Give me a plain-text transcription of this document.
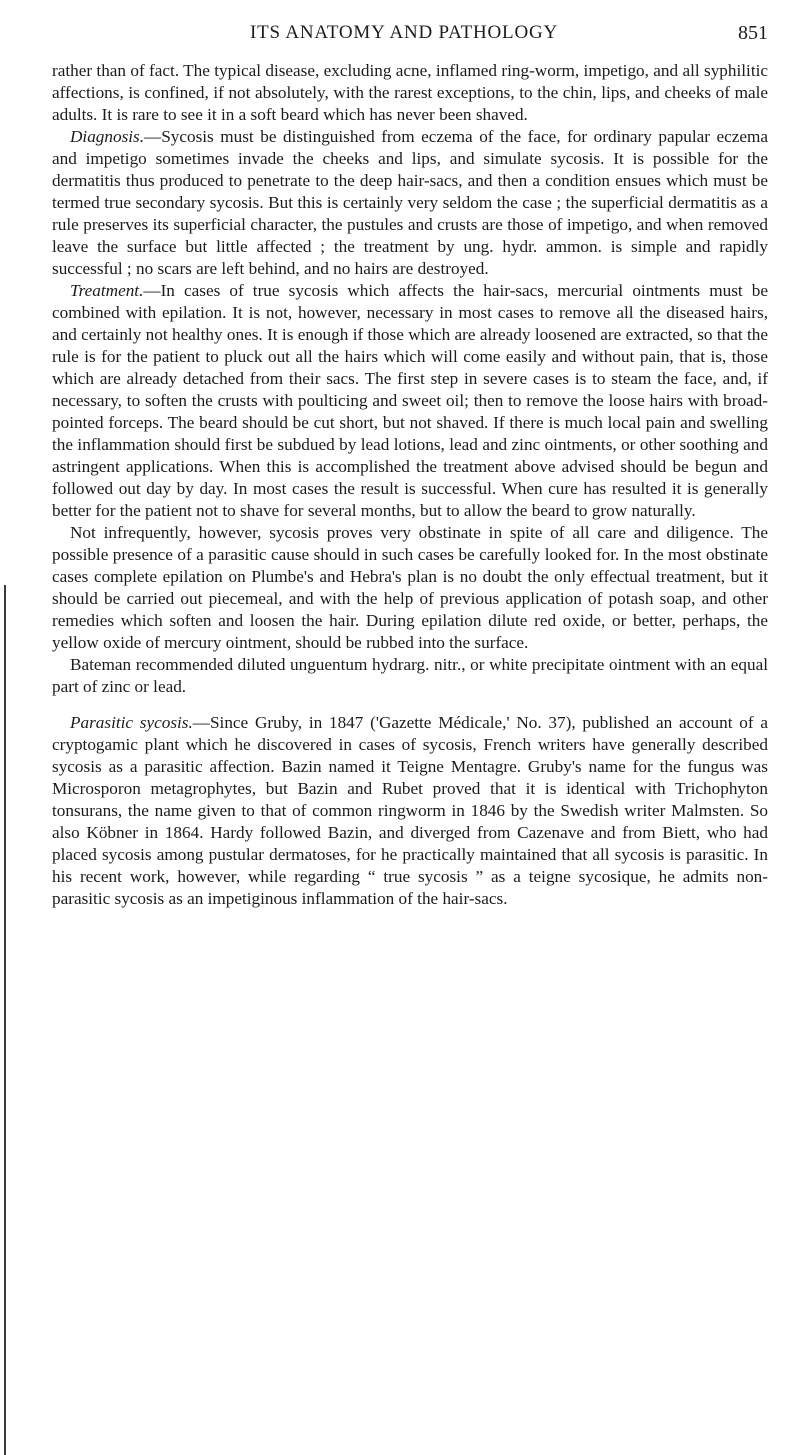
ITS ANATOMY AND PATHOLOGY	851

rather than of fact. The typical disease, excluding acne, inflamed ring-worm, impetigo, and all syphilitic affections, is confined, if not absolutely, with the rarest exceptions, to the chin, lips, and cheeks of male adults. It is rare to see it in a soft beard which has never been shaved.

Diagnosis.—Sycosis must be distinguished from eczema of the face, for ordinary papular eczema and impetigo sometimes invade the cheeks and lips, and simulate sycosis. It is possible for the dermatitis thus produced to penetrate to the deep hair-sacs, and then a condition ensues which must be termed true secondary sycosis. But this is certainly very seldom the case ; the superficial dermatitis as a rule preserves its superficial character, the pustules and crusts are those of impetigo, and when removed leave the surface but little affected ; the treatment by ung. hydr. ammon. is simple and rapidly successful ; no scars are left behind, and no hairs are destroyed.

Treatment.—In cases of true sycosis which affects the hair-sacs, mercurial ointments must be combined with epilation. It is not, however, necessary in most cases to remove all the diseased hairs, and certainly not healthy ones. It is enough if those which are already loosened are extracted, so that the rule is for the patient to pluck out all the hairs which will come easily and without pain, that is, those which are already detached from their sacs. The first step in severe cases is to steam the face, and, if necessary, to soften the crusts with poulticing and sweet oil; then to remove the loose hairs with broad-pointed forceps. The beard should be cut short, but not shaved. If there is much local pain and swelling the inflammation should first be subdued by lead lotions, lead and zinc ointments, or other soothing and astringent applications. When this is accomplished the treatment above advised should be begun and followed out day by day. In most cases the result is successful. When cure has resulted it is generally better for the patient not to shave for several months, but to allow the beard to grow naturally.

Not infrequently, however, sycosis proves very obstinate in spite of all care and diligence. The possible presence of a parasitic cause should in such cases be carefully looked for. In the most obstinate cases complete epilation on Plumbe's and Hebra's plan is no doubt the only effectual treatment, but it should be carried out piecemeal, and with the help of previous application of potash soap, and other remedies which soften and loosen the hair. During epilation dilute red oxide, or better, perhaps, the yellow oxide of mercury ointment, should be rubbed into the surface.

Bateman recommended diluted unguentum hydrarg. nitr., or white precipitate ointment with an equal part of zinc or lead.

Parasitic sycosis.—Since Gruby, in 1847 ('Gazette Médicale,' No. 37), published an account of a cryptogamic plant which he discovered in cases of sycosis, French writers have generally described sycosis as a parasitic affection. Bazin named it Teigne Mentagre. Gruby's name for the fungus was Microsporon metagrophytes, but Bazin and Rubet proved that it is identical with Trichophyton tonsurans, the name given to that of common ringworm in 1846 by the Swedish writer Malmsten. So also Köbner in 1864. Hardy followed Bazin, and diverged from Cazenave and from Biett, who had placed sycosis among pustular dermatoses, for he practically maintained that all sycosis is parasitic. In his recent work, however, while regarding “ true sycosis ” as a teigne sycosique, he admits non-parasitic sycosis as an impetiginous inflammation of the hair-sacs.
